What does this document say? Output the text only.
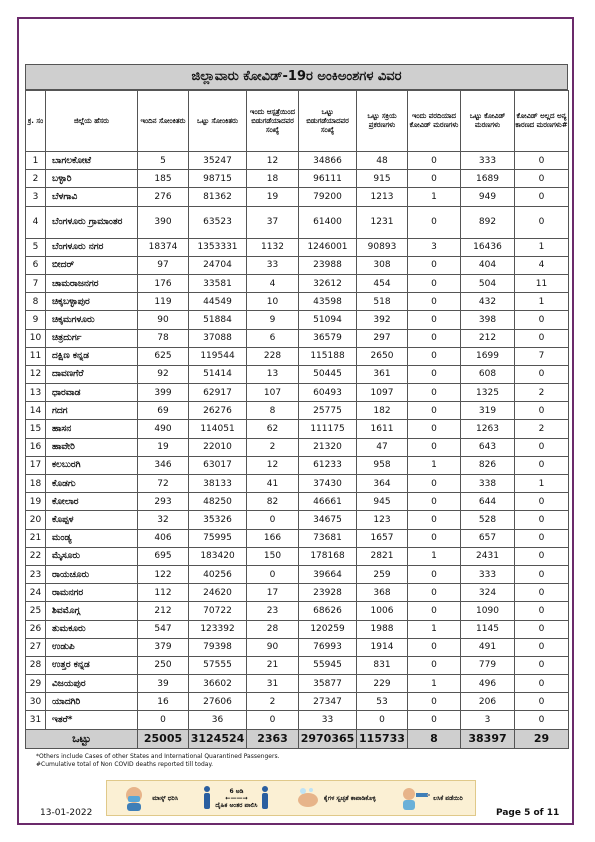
ಜಿಲ್ಲಾವಾರು ಕೋವಿಡ್-19ರ ಅಂಕಿಅಂಶಗಳ ವಿವರ
ಕ್ರ. ಸಂ	ಜಿಲ್ಲೆಯ ಹೆಸರು	ಇಂದಿನ ಸೋಂಕಿತರು	ಒಟ್ಟು ಸೋಂಕಿತರು	ಇಂದು ಆಸ್ಪತ್ರೆಯಿಂದ ಬಿಡುಗಡೆಯಾದವರ ಸಂಖ್ಯೆ	ಒಟ್ಟು ಬಿಡುಗಡೆಯಾದವರ ಸಂಖ್ಯೆ	ಒಟ್ಟು ಸಕ್ರಿಯ ಪ್ರಕರಣಗಳು	ಇಂದು ವರದಿಯಾದ ಕೋವಿಡ್ ಮರಣಗಳು	ಒಟ್ಟು ಕೋವಿಡ್ ಮರಣಗಳು	ಕೋವಿಡ್ ಅಲ್ಲದ ಅನ್ಯ ಕಾರಣದ ಮರಣಗಳು#
1	ಬಾಗಲಕೋಟೆ	5	35247	12	34866	48	0	333	0
2	ಬಳ್ಳಾರಿ	185	98715	18	96111	915	0	1689	0
3	ಬೆಳಗಾವಿ	276	81362	19	79200	1213	1	949	0
4	ಬೆಂಗಳೂರು ಗ್ರಾಮಾಂತರ	390	63523	37	61400	1231	0	892	0
5	ಬೆಂಗಳೂರು ನಗರ	18374	1353331	1132	1246001	90893	3	16436	1
6	ಬೀದರ್	97	24704	33	23988	308	0	404	4
7	ಚಾಮರಾಜನಗರ	176	33581	4	32612	454	0	504	11
8	ಚಿಕ್ಕಬಳ್ಳಾಪುರ	119	44549	10	43598	518	0	432	1
9	ಚಿಕ್ಕಮಗಳೂರು	90	51884	9	51094	392	0	398	0
10	ಚಿತ್ರದುರ್ಗ	78	37088	6	36579	297	0	212	0
11	ದಕ್ಷಿಣ ಕನ್ನಡ	625	119544	228	115188	2650	0	1699	7
12	ದಾವಣಗೆರೆ	92	51414	13	50445	361	0	608	0
13	ಧಾರವಾಡ	399	62917	107	60493	1097	0	1325	2
14	ಗದಗ	69	26276	8	25775	182	0	319	0
15	ಹಾಸನ	490	114051	62	111175	1611	0	1263	2
16	ಹಾವೇರಿ	19	22010	2	21320	47	0	643	0
17	ಕಲಬುರಗಿ	346	63017	12	61233	958	1	826	0
18	ಕೊಡಗು	72	38133	41	37430	364	0	338	1
19	ಕೋಲಾರ	293	48250	82	46661	945	0	644	0
20	ಕೊಪ್ಪಳ	32	35326	0	34675	123	0	528	0
21	ಮಂಡ್ಯ	406	75995	166	73681	1657	0	657	0
22	ಮೈಸೂರು	695	183420	150	178168	2821	1	2431	0
23	ರಾಯಚೂರು	122	40256	0	39664	259	0	333	0
24	ರಾಮನಗರ	112	24620	17	23928	368	0	324	0
25	ಶಿವಮೊಗ್ಗ	212	70722	23	68626	1006	0	1090	0
26	ತುಮಕೂರು	547	123392	28	120259	1988	1	1145	0
27	ಉಡುಪಿ	379	79398	90	76993	1914	0	491	0
28	ಉತ್ತರ ಕನ್ನಡ	250	57555	21	55945	831	0	779	0
29	ವಿಜಯಪುರ	39	36602	31	35877	229	1	496	0
30	ಯಾದಗಿರಿ	16	27606	2	27347	53	0	206	0
31	ಇತರೆ*	0	36	0	33	0	0	3	0
ಒಟ್ಟು		25005	3124524	2363	2970365	115733	8	38397	29
*Others include Cases of other States and International Quarantined Passengers.
#Cumulative total of Non COVID deaths reported till today.
ಮಾಸ್ಕ್ ಧರಿಸಿ
6 ಅಡಿ
←——→
ದೈಹಿಕ ಅಂತರ ಪಾಲಿಸಿ
ಕೈಗಳ ಸ್ವಚ್ಛತೆ ಕಾಪಾಡಿಕೊಳ್ಳಿ	ಲಸಿಕೆ ಪಡೆಯಿರಿ
13-01-2022	Page 5 of 11
